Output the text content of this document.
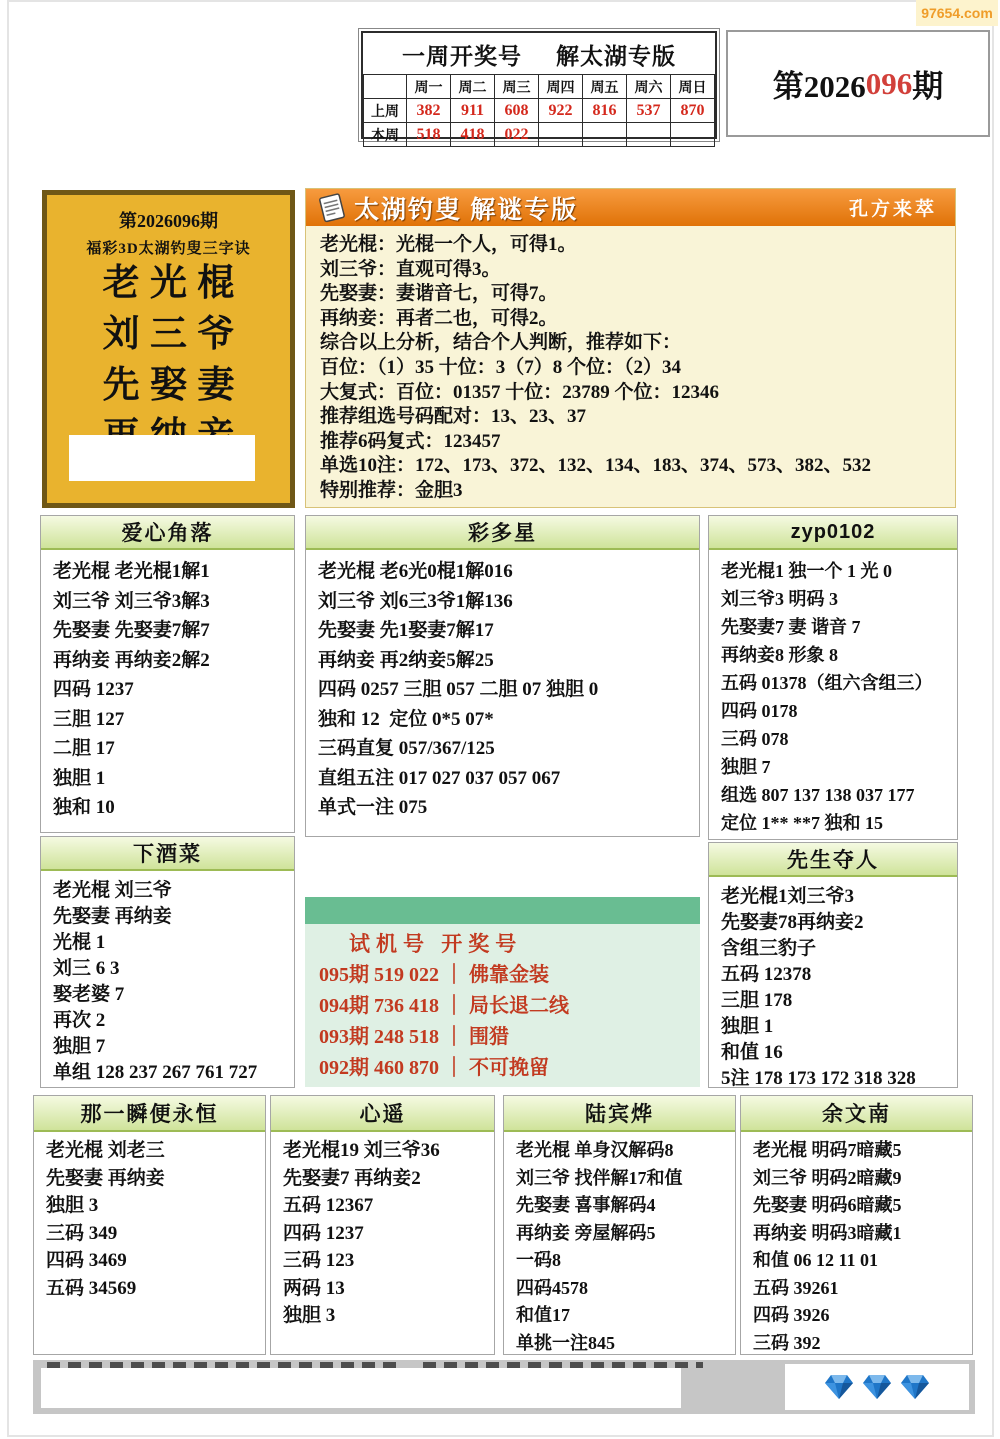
97654.com
一周开奖号 解太湖专版
	周一	周二	周三	周四	周五	周六	周日
上周	382	911	608	922	816	537	870
本周	518	418	022				
第2026 096 期
第2026096期
福彩3D太湖钓叟三字诀
老光棍
刘三爷
先娶妻
太湖钓叟 解谜专版	孔方来萃
老光棍：光棍一个人，可得1。
刘三爷：直观可得3。
先娶妻：妻谐音七，可得7。
再纳妾：再者二也，可得2。
综合以上分析，结合个人判断，推荐如下：
百位：（1）35 十位：3（7）8 个位：（2）34
大复式：百位：01357 十位：23789 个位：12346
推荐组选号码配对：13、23、37
推荐6码复式：123457
单选10注：172、173、372、132、134、183、374、573、382、532
特别推荐：金胆3
爱心角落
老光棍 老光棍1解1
刘三爷 刘三爷3解3
先娶妻 先娶妻7解7
再纳妾 再纳妾2解2
四码 1237
三胆 127
二胆 17
独胆 1
独和 10
下酒菜
老光棍 刘三爷
先娶妻 再纳妾
光棍 1
刘三 6 3
娶老婆 7
再次 2
独胆 7
单组 128 237 267 761 727
彩多星
老光棍 老6光0棍1解016
刘三爷 刘6三3爷1解136
先娶妻 先1娶妻7解17
再纳妾 再2纳妾5解25
四码 0257 三胆 057 二胆 07 独胆 0
独和 12  定位 0*5 07*
三码直复 057/367/125
直组五注 017 027 037 057 067
单式一注 075
试机号 开奖号
095期 519 022 ｜ 佛靠金装
094期 736 418 ｜ 局长退二线
093期 248 518 ｜ 围猎
092期 460 870 ｜ 不可挽留
zyp0102
老光棍1 独一个 1 光 0
刘三爷3 明码 3
先娶妻7 妻 谐音 7
再纳妾8 形象 8
五码 01378（组六含组三）
四码 0178
三码 078
独胆 7
组选 807 137 138 037 177
定位 1** **7 独和 15
先生夺人
老光棍1刘三爷3
先娶妻78再纳妾2
含组三豹子
五码 12378
三胆 178
独胆 1
和值 16
5注 178 173 172 318 328
那一瞬便永恒
老光棍 刘老三
先娶妻 再纳妾
独胆 3
三码 349
四码 3469
五码 34569
心遥
老光棍19 刘三爷36
先娶妻7 再纳妾2
五码 12367
四码 1237
三码 123
两码 13
独胆 3
陆宾烨
老光棍 单身汉解码8
刘三爷 找伴解17和值
先娶妻 喜事解码4
再纳妾 旁屋解码5
一码8
四码4578
和值17
单挑一注845
余文南
老光棍 明码7暗藏5
刘三爷 明码2暗藏9
先娶妻 明码6暗藏5
再纳妾 明码3暗藏1
和值 06 12 11 01
五码 39261
四码 3926
三码 392
